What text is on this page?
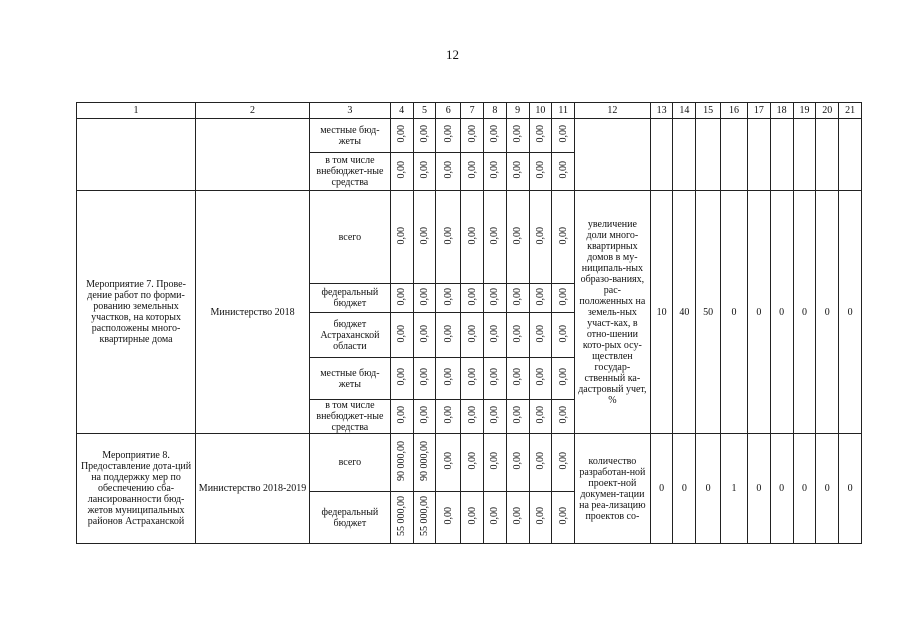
12
1	2	3	4	5	6	7	8	9	10	11	12	13	14	15	16	17	18	19	20	21
		местные бюд-жеты	0,00	0,00	0,00	0,00	0,00	0,00	0,00	0,00										
		в том числе внебюджет-ные средства	0,00	0,00	0,00	0,00	0,00	0,00	0,00	0,00										
Мероприятие 7. Прове-дение работ по форми-рованию земельных участков, на которых расположены много-квартирные дома	Министерство 2018	всего	0,00	0,00	0,00	0,00	0,00	0,00	0,00	0,00	увеличение доли много-квартирных домов в му-ниципаль-ных образо-ваниях, рас-положенных на земель-ных участ-ках, в отно-шении кото-рых осу-ществлен государ-ственный ка-дастровый учет, %	10	40	50	0	0	0	0	0	0
		федеральный бюджет	0,00	0,00	0,00	0,00	0,00	0,00	0,00	0,00										
		бюджет Астраханской области	0,00	0,00	0,00	0,00	0,00	0,00	0,00	0,00										
		местные бюд-жеты	0,00	0,00	0,00	0,00	0,00	0,00	0,00	0,00										
		в том числе внебюджет-ные средства	0,00	0,00	0,00	0,00	0,00	0,00	0,00	0,00										
Мероприятие 8. Предоставление дота-ций на поддержку мер по обеспечению сба-лансированности бюд-жетов муниципальных районов Астраханской	Министерство 2018-2019	всего	90 000,00	90 000,00	0,00	0,00	0,00	0,00	0,00	0,00	количество разработан-ной проект-ной докумен-тации на реа-лизацию проектов со-	0	0	0	1	0	0	0	0	0
		федеральный бюджет	55 000,00	55 000,00	0,00	0,00	0,00	0,00	0,00	0,00										
